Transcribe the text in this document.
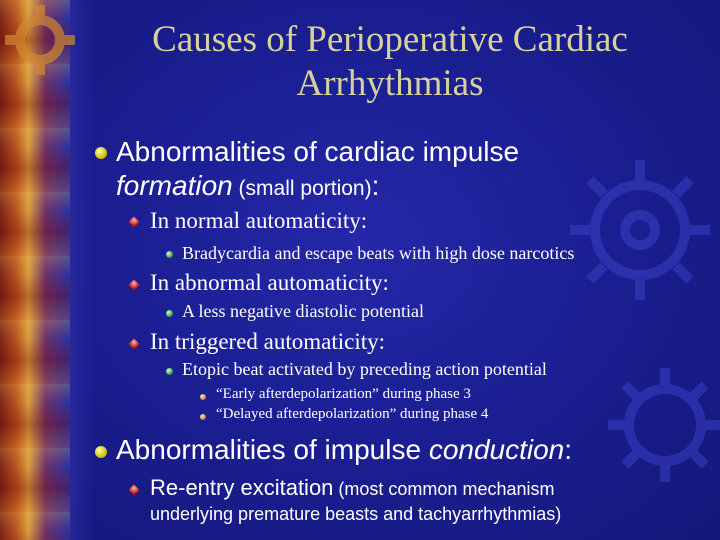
Causes of Perioperative Cardiac
Arrhythmias
Abnormalities of cardiac impulse
formation (small portion):
In normal automaticity:
Bradycardia and escape beats with high dose narcotics
In abnormal automaticity:
A less negative diastolic potential
In triggered automaticity:
Etopic beat activated by preceding action potential
“Early afterdepolarization” during phase 3
“Delayed afterdepolarization” during phase 4
Abnormalities of impulse conduction:
Re-entry excitation (most common mechanism
underlying premature beasts and tachyarrhythmias)
